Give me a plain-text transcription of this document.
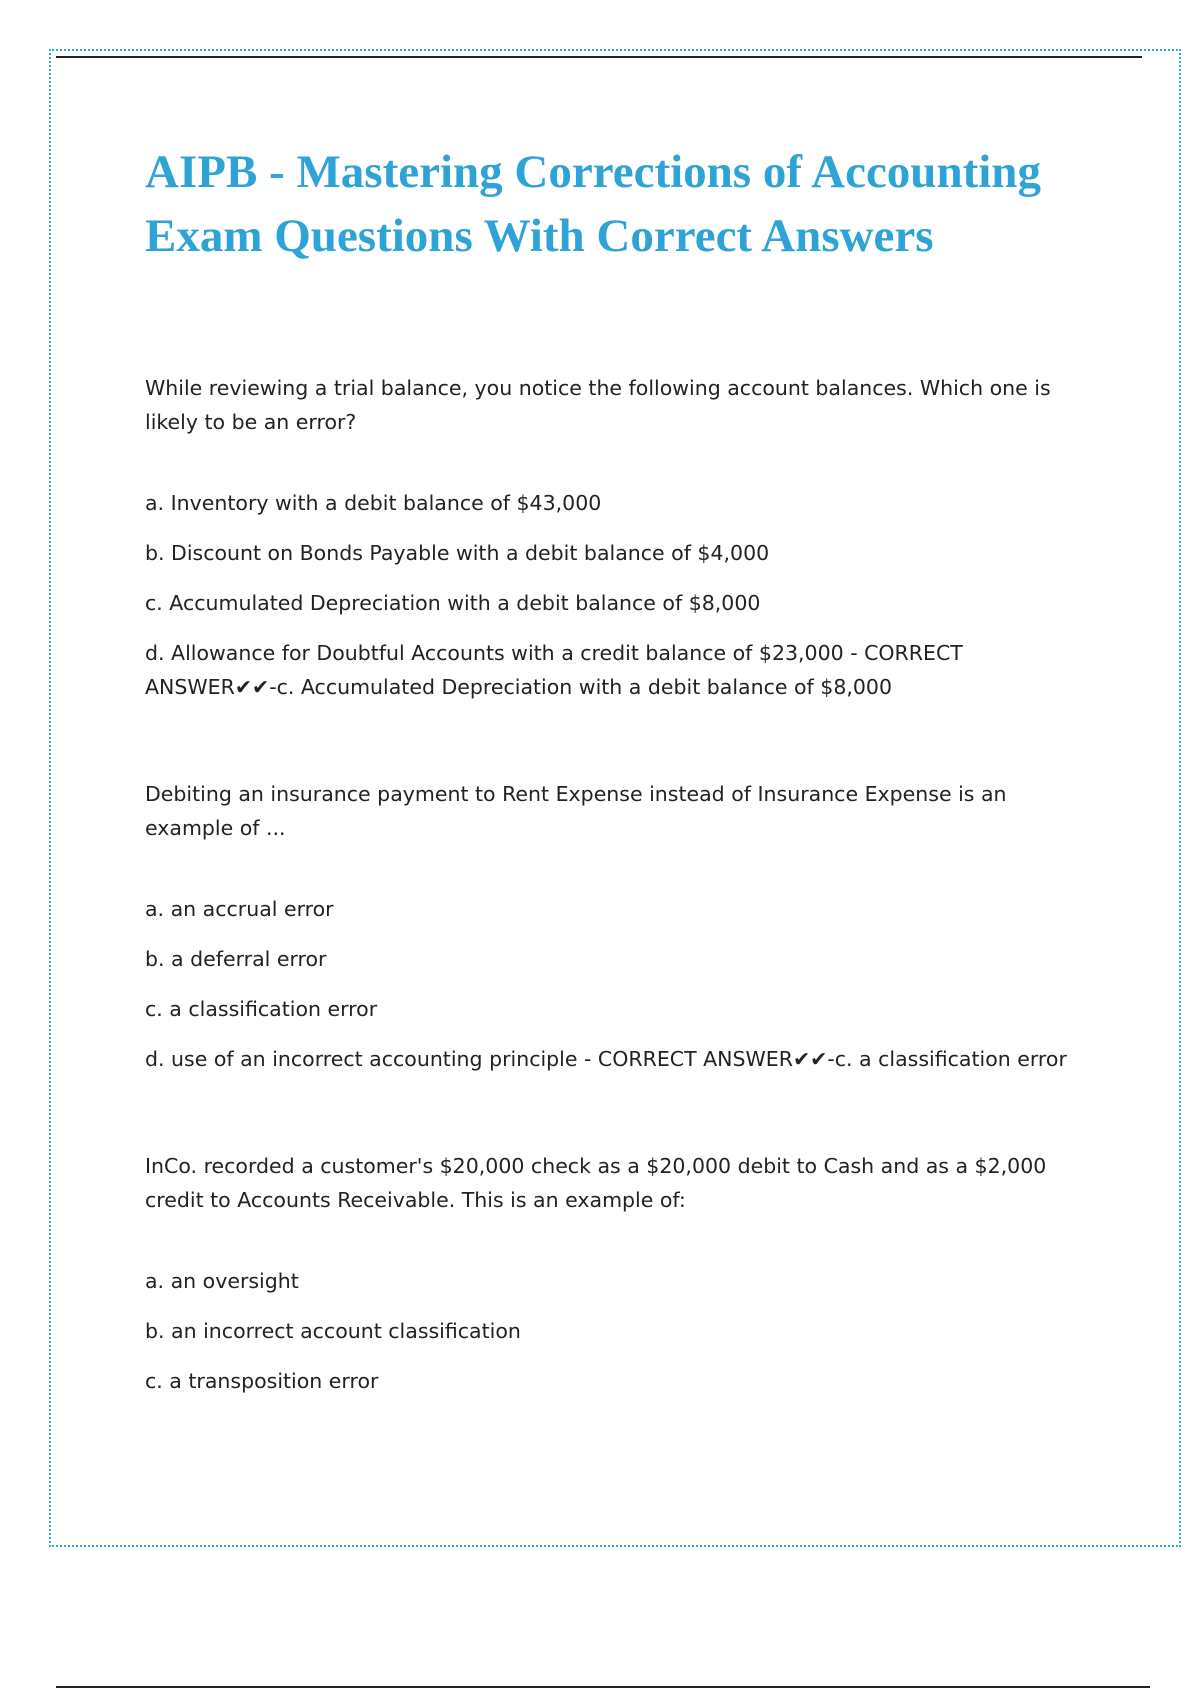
AIPB - Mastering Corrections of Accounting
Exam Questions With Correct Answers

While reviewing a trial balance, you notice the following account balances. Which one is likely to be an error?

a. Inventory with a debit balance of $43,000
b. Discount on Bonds Payable with a debit balance of $4,000
c. Accumulated Depreciation with a debit balance of $8,000
d. Allowance for Doubtful Accounts with a credit balance of $23,000 - CORRECT ANSWER✔✔-c. Accumulated Depreciation with a debit balance of $8,000

Debiting an insurance payment to Rent Expense instead of Insurance Expense is an example of ...

a. an accrual error
b. a deferral error
c. a classification error
d. use of an incorrect accounting principle - CORRECT ANSWER✔✔-c. a classification error

InCo. recorded a customer's $20,000 check as a $20,000 debit to Cash and as a $2,000 credit to Accounts Receivable. This is an example of:

a. an oversight
b. an incorrect account classification
c. a transposition error
